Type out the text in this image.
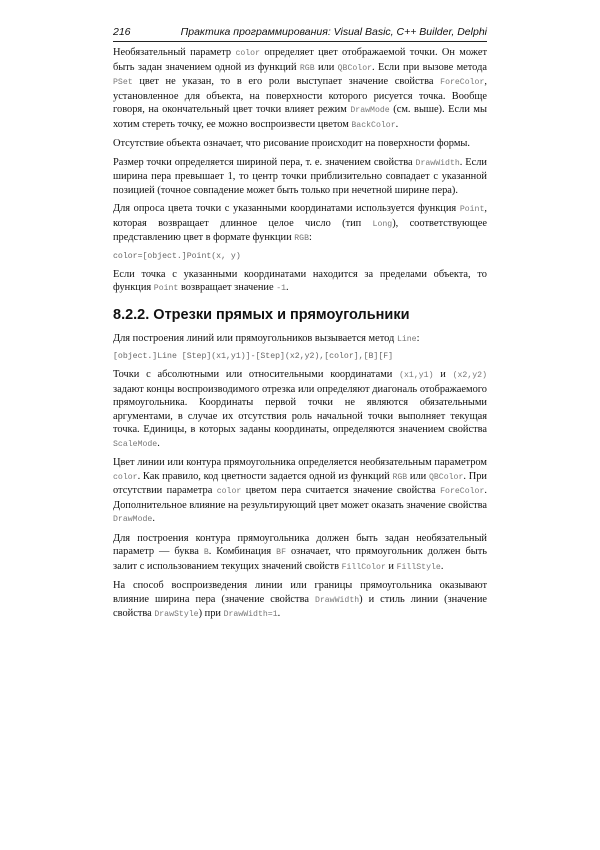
216	Практика программирования: Visual Basic, C++ Builder, Delphi

Необязательный параметр color определяет цвет отображаемой точки. Он может быть задан значением одной из функций RGB или QBColor. Если при вызове метода PSet цвет не указан, то в его роли выступает значение свойства ForeColor, установленное для объекта, на поверхности которого рисуется точка. Вообще говоря, на окончательный цвет точки влияет режим DrawMode (см. выше). Если мы хотим стереть точку, ее можно воспроизвести цветом BackColor.

Отсутствие объекта означает, что рисование происходит на поверхности формы.

Размер точки определяется шириной пера, т. е. значением свойства DrawWidth. Если ширина пера превышает 1, то центр точки приблизительно совпадает с указанной позицией (точное совпадение может быть только при нечетной ширине пера).

Для опроса цвета точки с указанными координатами используется функция Point, которая возвращает длинное целое число (тип Long), соответствующее представлению цвет в формате функции RGB:

color=[object.]Point(x, y)

Если точка с указанными координатами находится за пределами объекта, то функция Point возвращает значение -1.

8.2.2. Отрезки прямых и прямоугольники

Для построения линий или прямоугольников вызывается метод Line:

[object.]Line [Step](x1,y1)]-[Step](x2,y2),[color],[B][F]

Точки с абсолютными или относительными координатами (x1,y1) и (x2,y2) задают концы воспроизводимого отрезка или определяют диагональ отображаемого прямоугольника. Координаты первой точки не являются обязательными аргументами, в случае их отсутствия роль начальной точки выполняет текущая точка. Единицы, в которых заданы координаты, определяются значением свойства ScaleMode.

Цвет линии или контура прямоугольника определяется необязательным параметром color. Как правило, код цветности задается одной из функций RGB или QBColor. При отсутствии параметра color цветом пера считается значение свойства ForeColor. Дополнительное влияние на результирующий цвет может оказать значение свойства DrawMode.

Для построения контура прямоугольника должен быть задан необязательный параметр — буква B. Комбинация BF означает, что прямоугольник должен быть залит с использованием текущих значений свойств FillColor и FillStyle.

На способ воспроизведения линии или границы прямоугольника оказывают влияние ширина пера (значение свойства DrawWidth) и стиль линии (значение свойства DrawStyle) при DrawWidth=1.
